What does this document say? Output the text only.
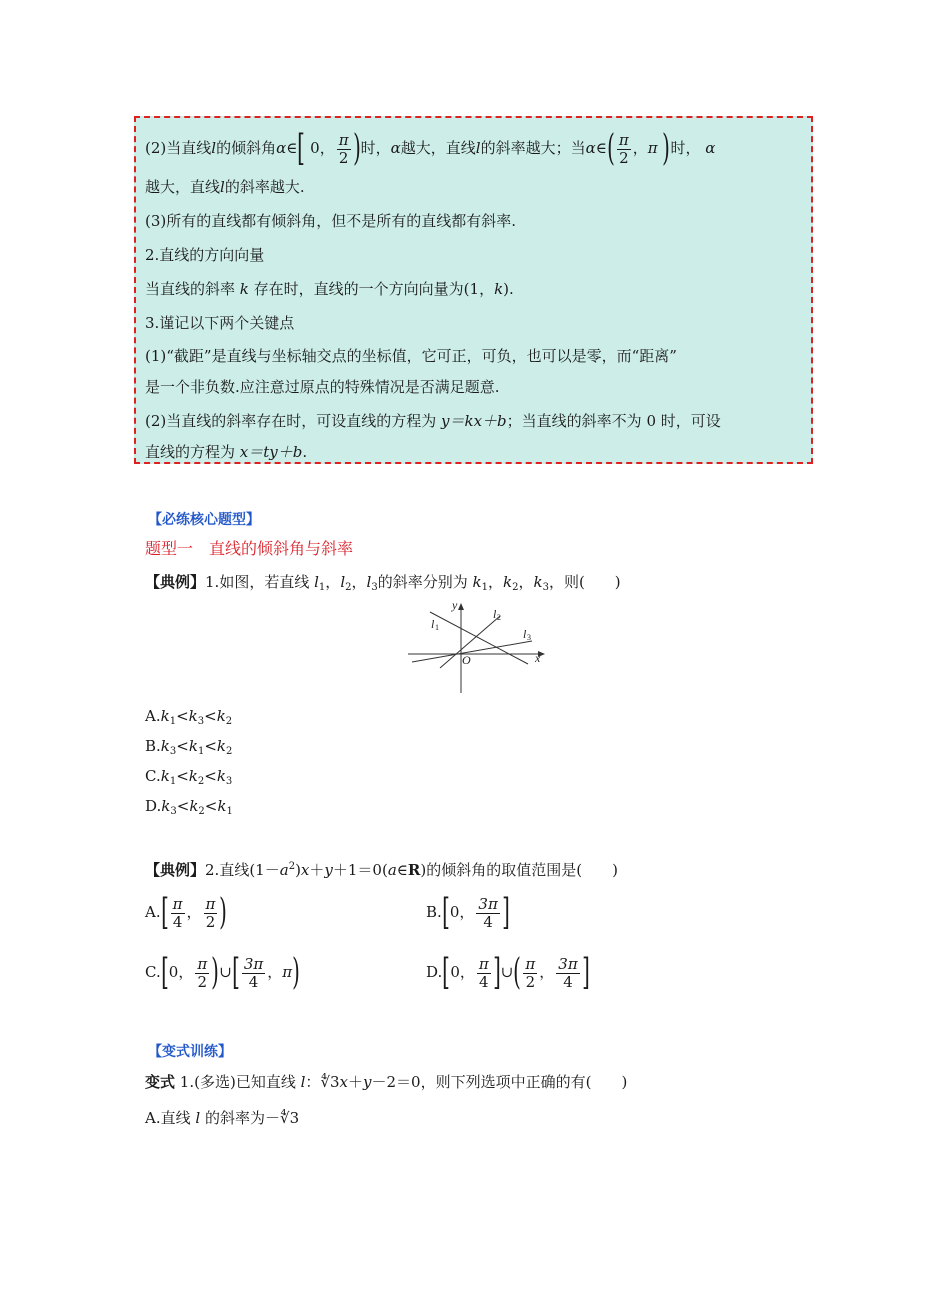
(2)当直线l的倾斜角α∈[ 0， $\frac{\pi}{2}$ )时，α越大，直线l的斜率越大；当α∈( $\frac{\pi}{2}$ ，π )时， α
越大，直线l的斜率越大.
(3)所有的直线都有倾斜角，但不是所有的直线都有斜率.
2.直线的方向向量
当直线的斜率 k 存在时，直线的一个方向向量为(1，k).
3.谨记以下两个关键点
(1)“截距”是直线与坐标轴交点的坐标值，它可正，可负，也可以是零，而“距离”
是一个非负数.应注意过原点的特殊情况是否满足题意.
(2)当直线的斜率存在时，可设直线的方程为 y＝kx＋b；当直线的斜率不为 0 时，可设
直线的方程为 x＝ty＋b.
【必练核心题型】
题型一　直线的倾斜角与斜率
【典例】1.如图，若直线 $l_1$，$l_2$，$l_3$的斜率分别为 $k_1$，$k_2$，$k_3$，则(　　)
y
x
O
l 1
l 2
l 3
$A.k_1<k_3<k_2$
$B.k_3<k_1<k_2$
$C.k_1<k_2<k_3$
$D.k_3<k_2<k_1$
【典例】2.直线$(1-a^2)x+y+1=0(a\in R)$的倾斜角的取值范围是(　　)
$A.[ \frac{\pi}{4}$ ， $\frac{\pi}{2}$ )	B.[0， $\frac{3\pi}{4}$ ]
C.[0， $\frac{\pi}{2}$ )∪[ $\frac{3\pi}{4}$ ，π)	D.[0， $\frac{\pi}{4}$ ]∪( $\frac{\pi}{2}$ ， $\frac{3\pi}{4}$ ]
【变式训练】
变式 1.(多选)已知直线 l：∜3x＋y－2＝0，则下列选项中正确的有(　　)
A.直线 l 的斜率为－∜3
